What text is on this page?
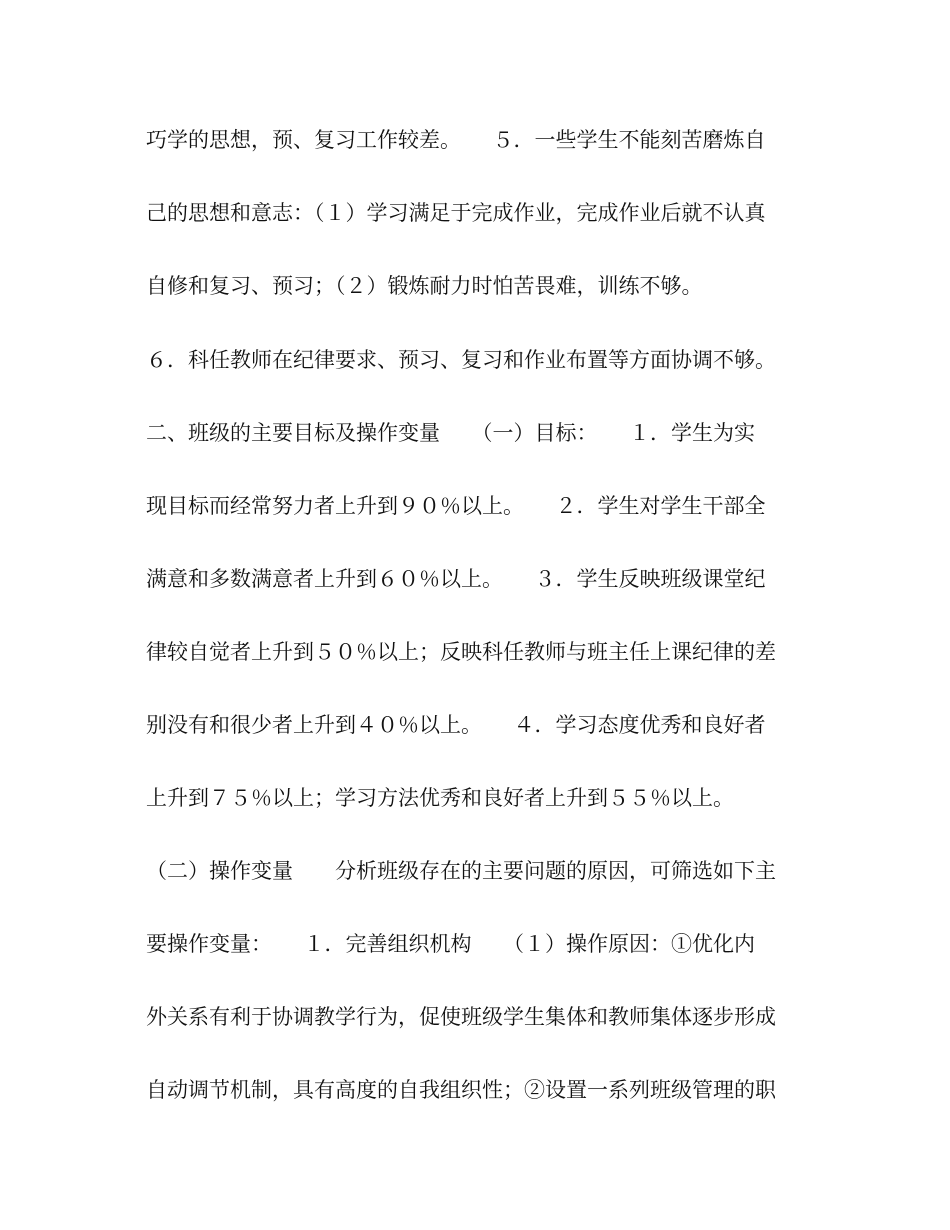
巧学的思想，预、复习工作较差。　　５．一些学生不能刻苦磨炼自
己的思想和意志：（１）学习满足于完成作业，完成作业后就不认真
自修和复习、预习；（２）锻炼耐力时怕苦畏难，训练不够。
６．科任教师在纪律要求、预习、复习和作业布置等方面协调不够。
二、班级的主要目标及操作变量　　（一）目标：　　１．学生为实
现目标而经常努力者上升到９０％以上。　　２．学生对学生干部全
满意和多数满意者上升到６０％以上。　　３．学生反映班级课堂纪
律较自觉者上升到５０％以上；反映科任教师与班主任上课纪律的差
别没有和很少者上升到４０％以上。　　４．学习态度优秀和良好者
上升到７５％以上；学习方法优秀和良好者上升到５５％以上。
（二）操作变量　　分析班级存在的主要问题的原因，可筛选如下主
要操作变量：　　１．完善组织机构　　（１）操作原因：①优化内
外关系有利于协调教学行为，促使班级学生集体和教师集体逐步形成
自动调节机制，具有高度的自我组织性；②设置一系列班级管理的职
